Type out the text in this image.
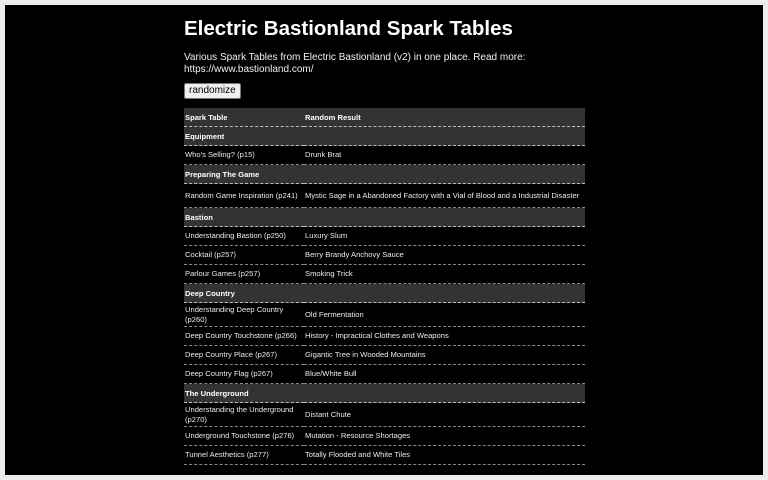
Electric Bastionland Spark Tables
Various Spark Tables from Electric Bastionland (v2) in one place. Read more: https://www.bastionland.com/
randomize
Spark Table	Random Result
Equipment	
Who's Selling? (p15)	Drunk Brat
Preparing The Game	
Random Game Inspiration (p241)	Mystic Sage in a Abandoned Factory with a Vial of Blood and a Industrial Disaster
Bastion	
Understanding Bastion (p250)	Luxury Slum
Cocktail (p257)	Berry Brandy Anchovy Sauce
Parlour Games (p257)	Smoking Trick
Deep Country	
Understanding Deep Country (p260)	Old Fermentation
Deep Country Touchstone (p266)	History - Impractical Clothes and Weapons
Deep Country Place (p267)	Gigantic Tree in Wooded Mountains
Deep Country Flag (p267)	Blue/White Bull
The Underground	
Understanding the Underground (p270)	Distant Chute
Underground Touchstone (p276)	Mutation - Resource Shortages
Tunnel Aesthetics (p277)	Totally Flooded and White Tiles
